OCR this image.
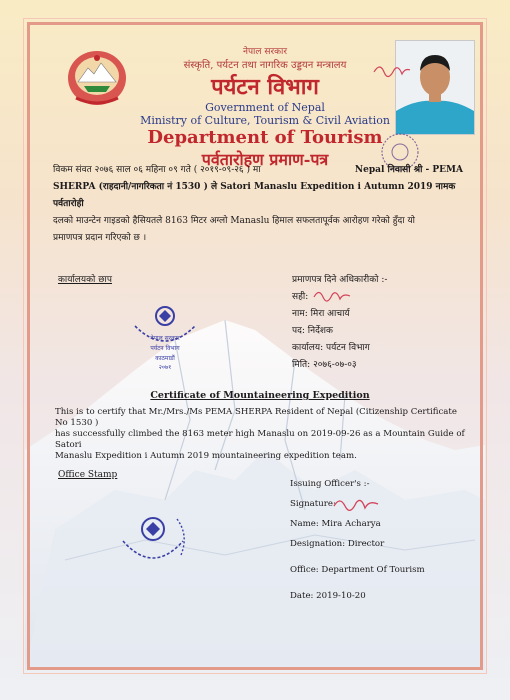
नेपाल सरकार
संस्कृति, पर्यटन तथा नागरिक उड्डयन मन्त्रालय
पर्यटन विभाग
Government of Nepal
Ministry of Culture, Tourism & Civil Aviation
Department of Tourism
पर्वतारोहण प्रमाण-पत्र
विकम संवत २०७६ साल ०६ महिना ०९ गते ( २०१९-०९-२६ ) मा	Nepal निवासी श्री - PEMA
SHERPA (राहदानी/नागरिकता नं 1530 ) ले Satori Manaslu Expedition i Autumn 2019 नामक पर्वतारोही
दलको माउन्टेन गाइडको हैसियतले 8163 मिटर अग्लो Manaslu हिमाल सफलतापूर्वक आरोहण गरेको हुँदा यो
प्रमाणपत्र प्रदान गरिएको छ ।
कार्यालयको छाप
पर्यटन विभाग
काठमाडौं
२०७१
नेपाल सरकार
प्रमाणपत्र दिने अधिकारीको :-
सही:
नाम: मिरा आचार्य
पद: निर्देशक
कार्यालय: पर्यटन विभाग
मिति: २०७६-०७-०३
Certificate of Mountaineering Expedition
This is to certify that Mr./Mrs./Ms PEMA SHERPA Resident of Nepal (Citizenship Certificate No 1530 )
has successfully climbed the 8163 meter high Manaslu on 2019-09-26 as a Mountain Guide of Satori
Manaslu Expedition i Autumn 2019 mountaineering expedition team.
Office Stamp
Issuing Officer's :-
Signature:
Name: Mira Acharya
Designation: Director
Office: Department Of Tourism
Date: 2019-10-20
